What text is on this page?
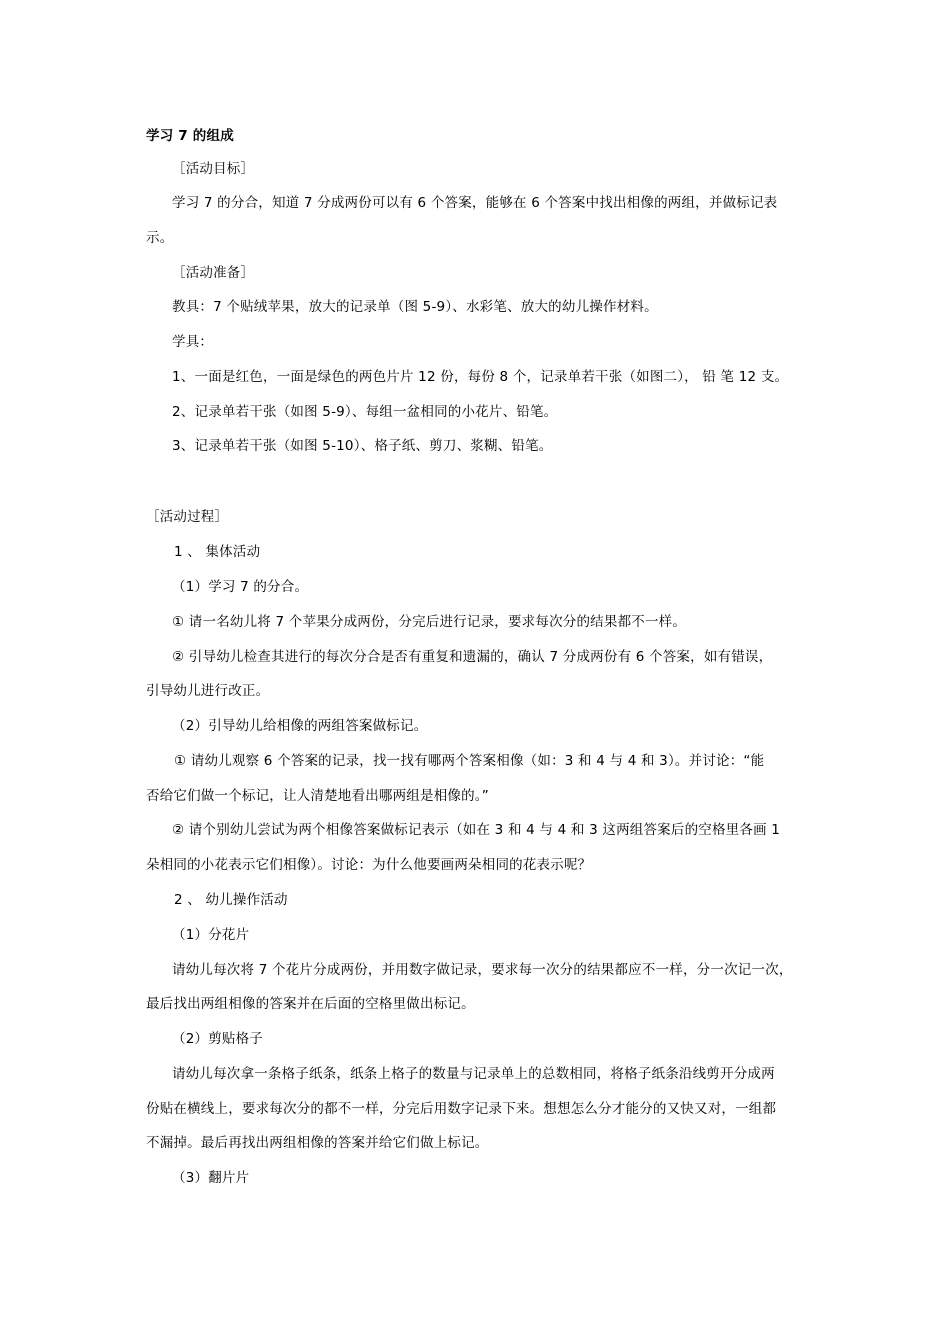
学习 7 的组成
［活动目标］
学习 7 的分合，知道 7 分成两份可以有 6 个答案，能够在 6 个答案中找出相像的两组，并做标记表
示。
［活动准备］
教具：7 个贴绒苹果，放大的记录单（图 5-9）、水彩笔、放大的幼儿操作材料。
学具：
1、一面是红色，一面是绿色的两色片片 12 份，每份 8 个，记录单若干张（如图二）， 铅 笔 12 支。
2、记录单若干张（如图 5-9）、每组一盆相同的小花片、铅笔。
3、记录单若干张（如图 5-10）、格子纸、剪刀、浆糊、铅笔。
［活动过程］
1 、 集体活动
（1）学习 7 的分合。
① 请一名幼儿将 7 个苹果分成两份，分完后进行记录，要求每次分的结果都不一样。
② 引导幼儿检查其进行的每次分合是否有重复和遗漏的，确认 7 分成两份有 6 个答案，如有错误，
引导幼儿进行改正。
（2）引导幼儿给相像的两组答案做标记。
① 请幼儿观察 6 个答案的记录，找一找有哪两个答案相像（如：3 和 4 与 4 和 3）。并讨论：“能
否给它们做一个标记，让人清楚地看出哪两组是相像的。”
② 请个别幼儿尝试为两个相像答案做标记表示（如在 3 和 4 与 4 和 3 这两组答案后的空格里各画 1
朵相同的小花表示它们相像）。讨论：为什么他要画两朵相同的花表示呢？
2 、 幼儿操作活动
（1）分花片
请幼儿每次将 7 个花片分成两份，并用数字做记录，要求每一次分的结果都应不一样，分一次记一次，
最后找出两组相像的答案并在后面的空格里做出标记。
（2）剪贴格子
请幼儿每次拿一条格子纸条，纸条上格子的数量与记录单上的总数相同，将格子纸条沿线剪开分成两
份贴在横线上，要求每次分的都不一样，分完后用数字记录下来。想想怎么分才能分的又快又对，一组都
不漏掉。最后再找出两组相像的答案并给它们做上标记。
（3）翻片片
